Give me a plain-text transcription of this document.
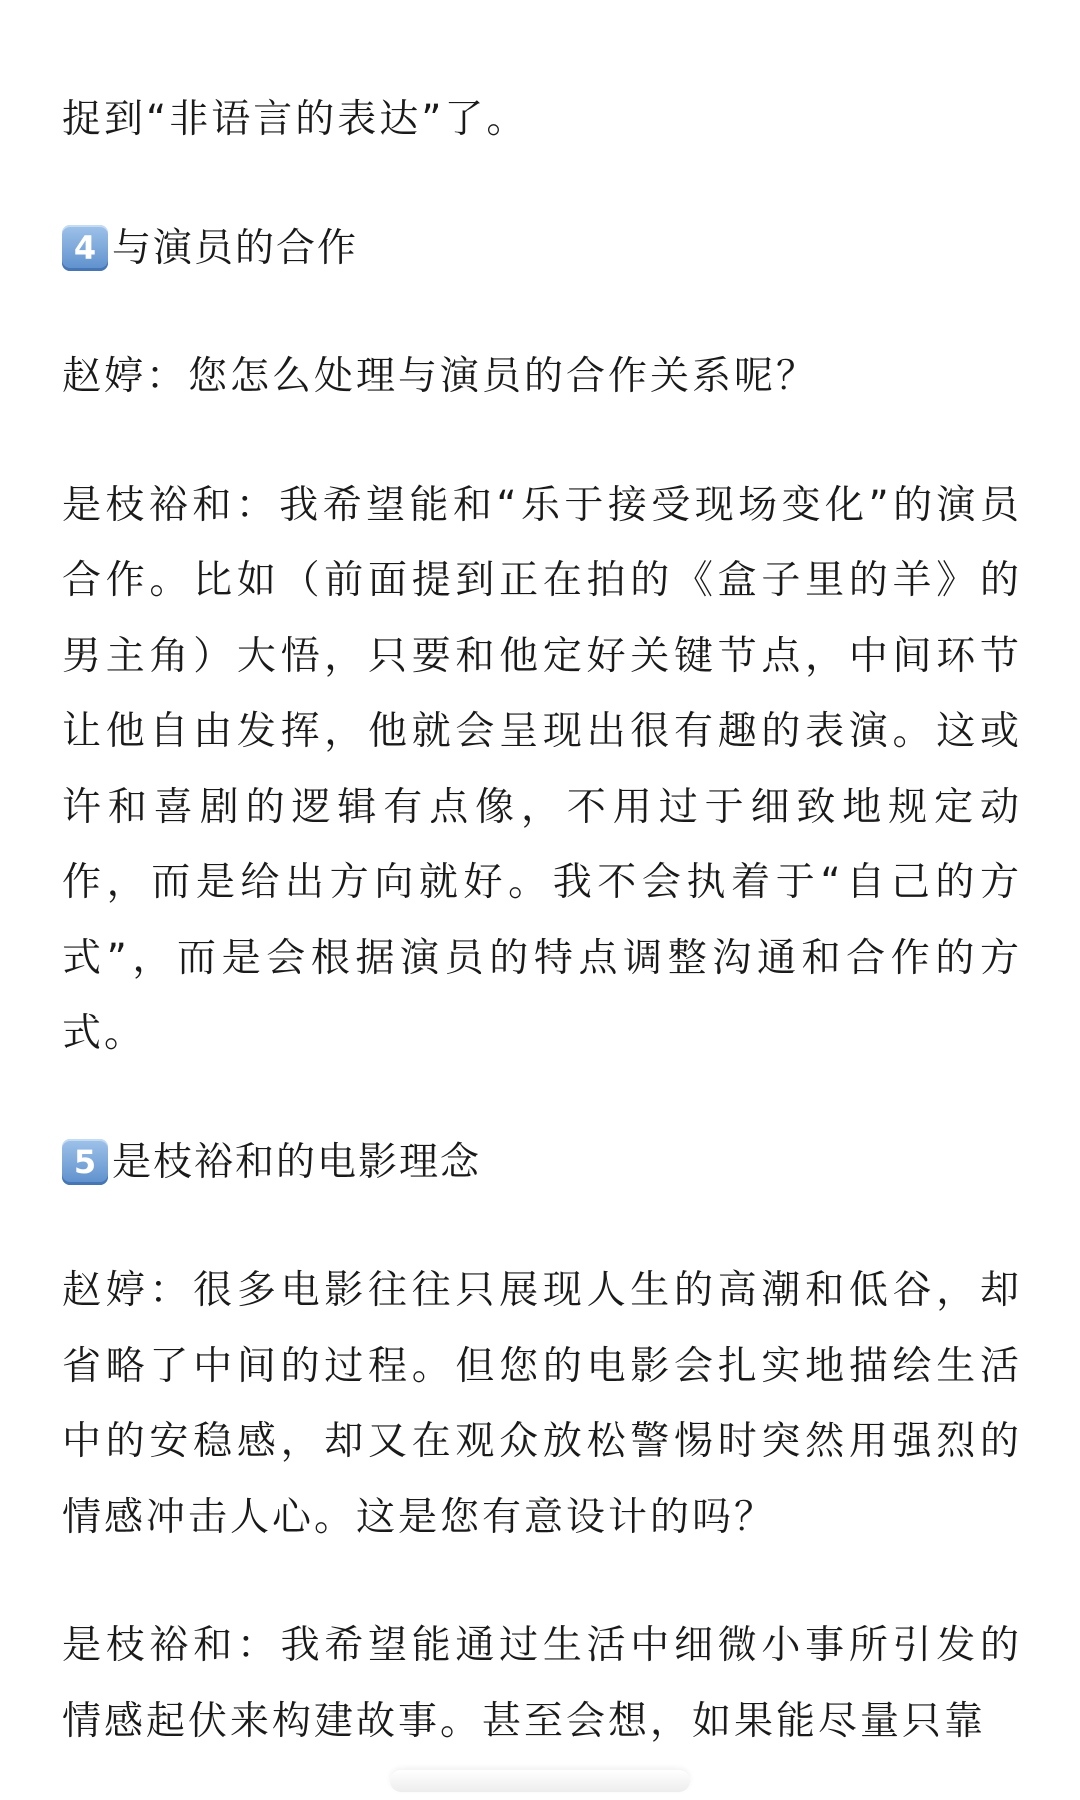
捉到“非语言的表达”了。

4 与演员的合作

赵婷：您怎么处理与演员的合作关系呢？

是枝裕和：我希望能和“乐于接受现场变化”的演员合作。比如（前面提到正在拍的《盒子里的羊》的男主角）大悟，只要和他定好关键节点，中间环节让他自由发挥，他就会呈现出很有趣的表演。这或许和喜剧的逻辑有点像，不用过于细致地规定动作，而是给出方向就好。我不会执着于“自己的方式”，而是会根据演员的特点调整沟通和合作的方式。

5 是枝裕和的电影理念

赵婷：很多电影往往只展现人生的高潮和低谷，却省略了中间的过程。但您的电影会扎实地描绘生活中的安稳感，却又在观众放松警惕时突然用强烈的情感冲击人心。这是您有意设计的吗？

是枝裕和：我希望能通过生活中细微小事所引发的情感起伏来构建故事。甚至会想，如果能尽量只靠
